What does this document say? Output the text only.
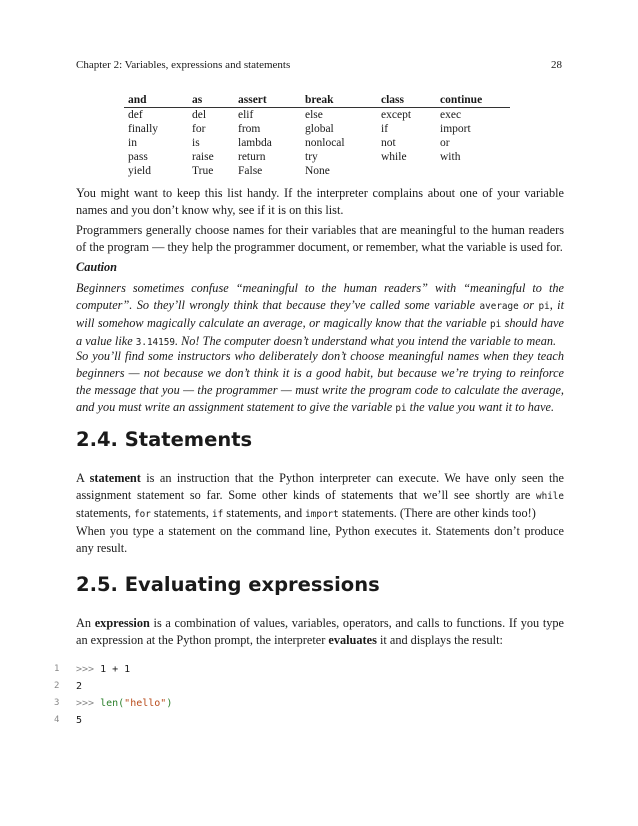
Chapter 2: Variables, expressions and statements	28
and	as	assert	break	class	continue
def	del	elif	else	except	exec
finally	for	from	global	if	import
in	is	lambda	nonlocal	not	or
pass	raise	return	try	while	with
yield	True	False	None		

You might want to keep this list handy. If the interpreter complains about one of your variable names and you don’t know why, see if it is on this list.

Programmers generally choose names for their variables that are meaningful to the human readers of the program — they help the programmer document, or remember, what the variable is used for.

Caution

Beginners sometimes confuse “meaningful to the human readers” with “meaningful to the computer”. So they’ll wrongly think that because they’ve called some variable average or pi, it will somehow magically calculate an average, or magically know that the variable pi should have a value like 3.14159. No! The computer doesn’t understand what you intend the variable to mean.

So you’ll find some instructors who deliberately don’t choose meaningful names when they teach beginners — not because we don’t think it is a good habit, but because we’re trying to reinforce the message that you — the programmer — must write the program code to calculate the average, and you must write an assignment statement to give the variable pi the value you want it to have.

2.4. Statements

A statement is an instruction that the Python interpreter can execute. We have only seen the assignment statement so far. Some other kinds of statements that we’ll see shortly are while statements, for statements, if statements, and import statements. (There are other kinds too!)

When you type a statement on the command line, Python executes it. Statements don’t produce any result.

2.5. Evaluating expressions

An expression is a combination of values, variables, operators, and calls to functions. If you type an expression at the Python prompt, the interpreter evaluates it and displays the result:

1	>>> 1 + 1
2	2
3	>>> len( "hello" )
4	5
